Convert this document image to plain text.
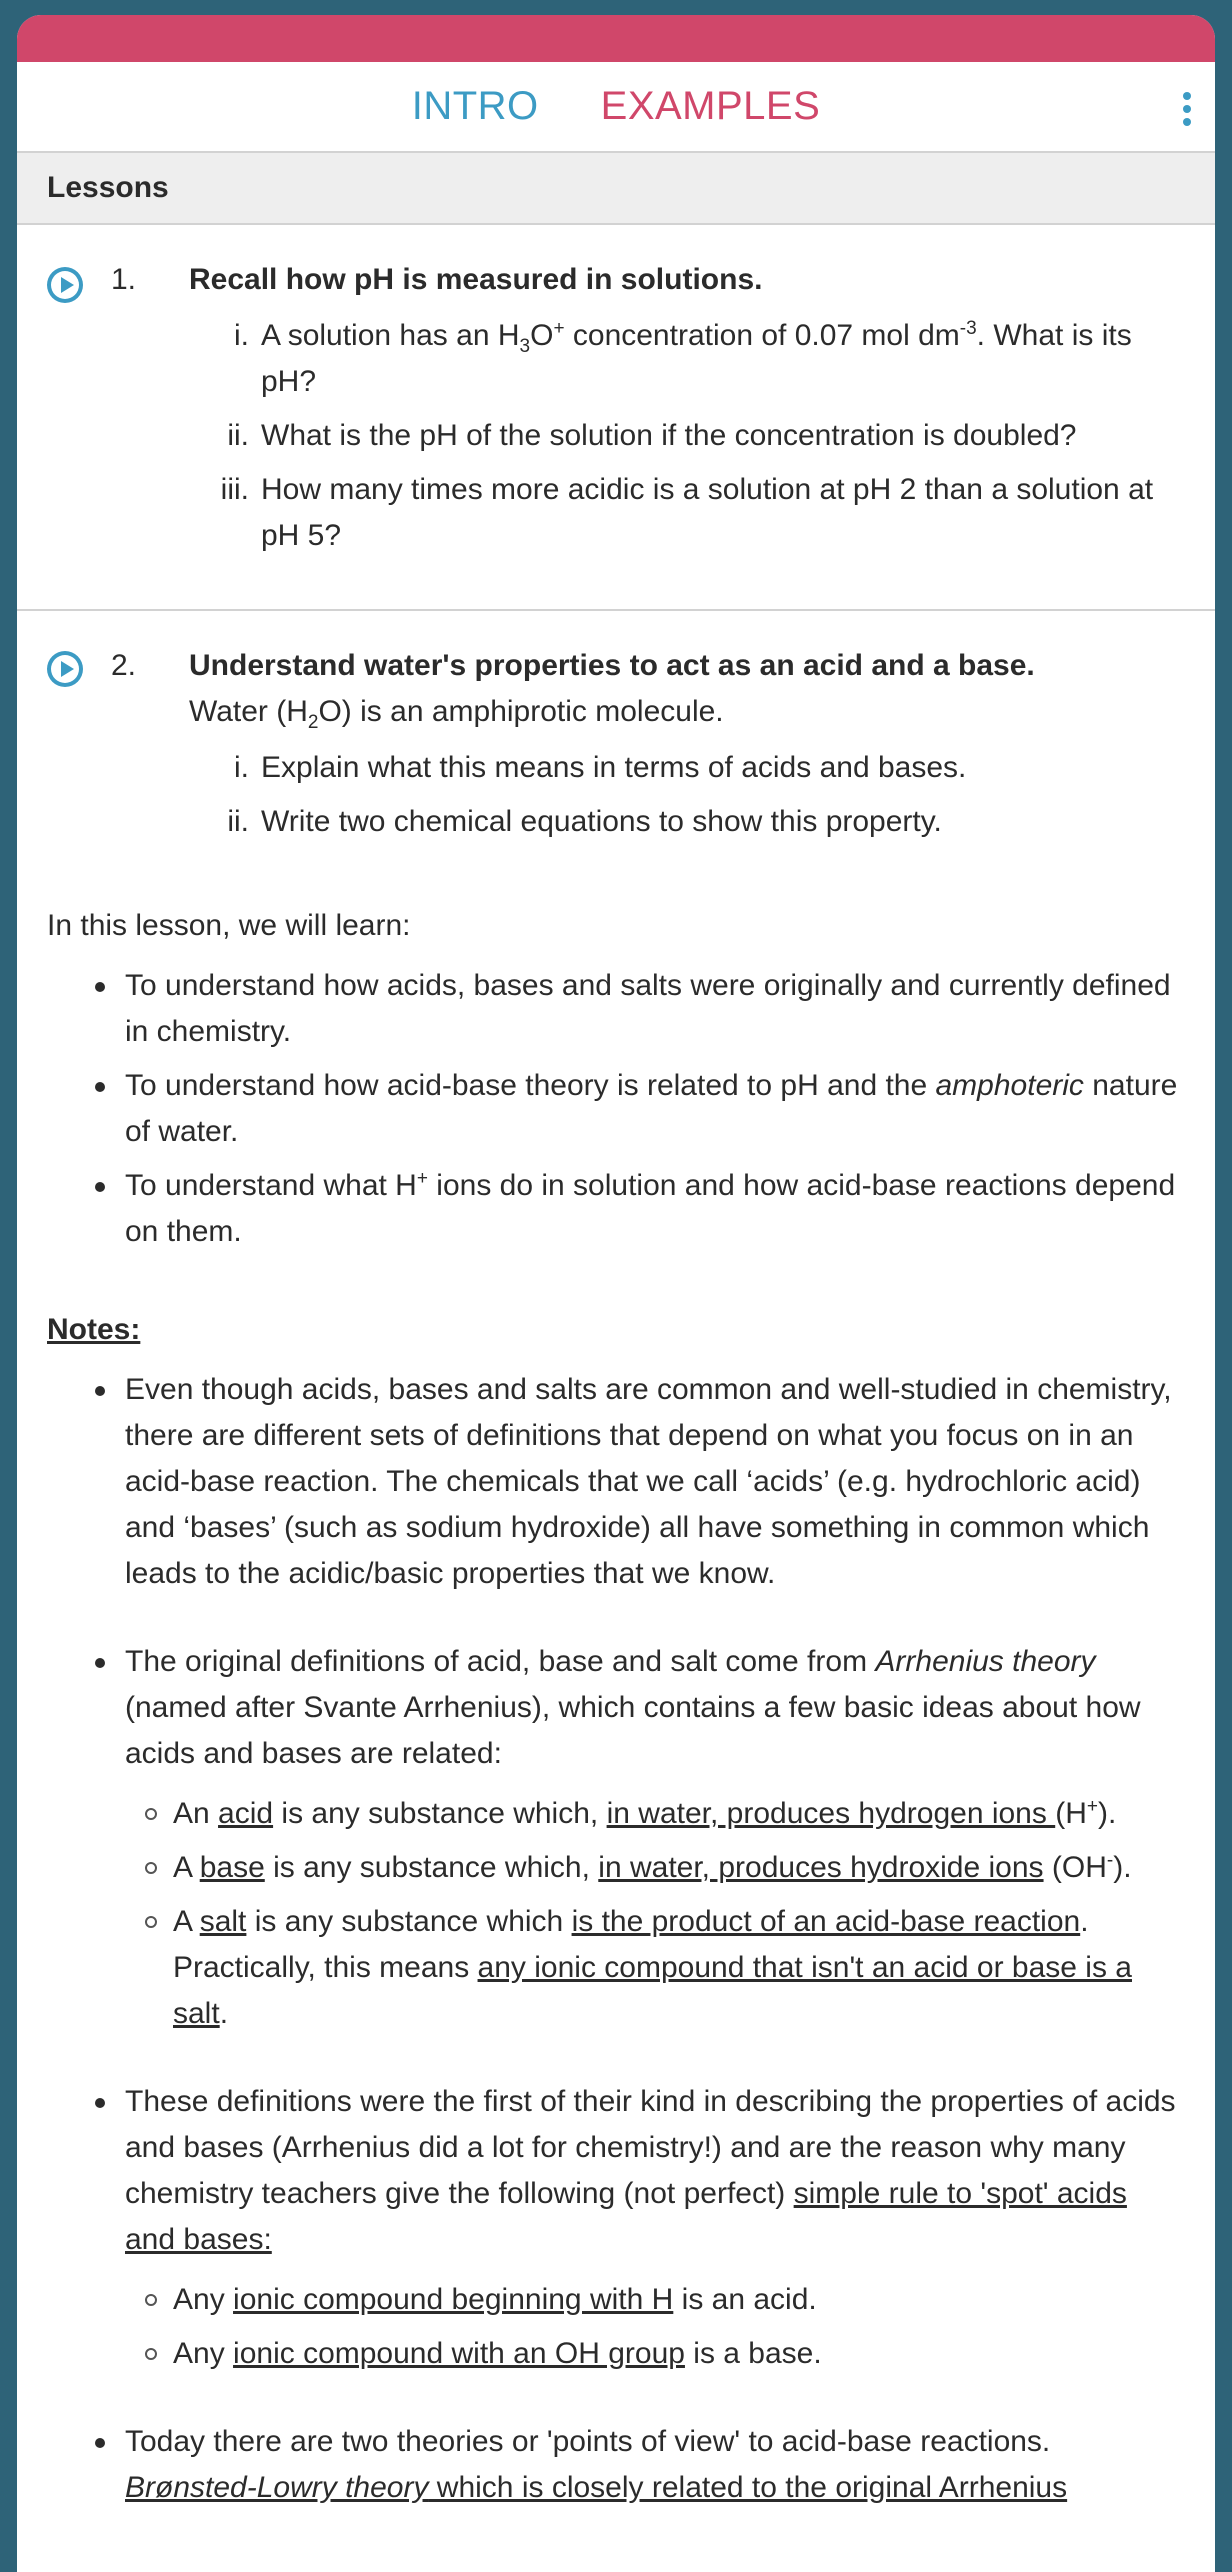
INTRO EXAMPLES
Lessons
1. Recall how pH is measured in solutions.
i. A solution has an $H_3O^+$ concentration of 0.07 mol $dm^{-3}$. What is its pH?
ii. What is the pH of the solution if the concentration is doubled?
iii. How many times more acidic is a solution at pH 2 than a solution at pH 5?
2. Understand water's properties to act as an acid and a base.
Water $(H_2O)$ is an amphiprotic molecule.
i. Explain what this means in terms of acids and bases.
ii. Write two chemical equations to show this property.
In this lesson, we will learn:
To understand how acids, bases and salts were originally and currently defined in chemistry.
To understand how acid-base theory is related to pH and the amphoteric nature of water.
To understand what H+ ions do in solution and how acid-base reactions depend on them.
Notes:
Even though acids, bases and salts are common and well-studied in chemistry, there are different sets of definitions that depend on what you focus on in an acid-base reaction. The chemicals that we call ‘acids’ (e.g. hydrochloric acid) and ‘bases’ (such as sodium hydroxide) all have something in common which leads to the acidic/basic properties that we know.
The original definitions of acid, base and salt come from Arrhenius theory (named after Svante Arrhenius), which contains a few basic ideas about how acids and bases are related:
An acid is any substance which, in water, produces hydrogen ions (H+).
A base is any substance which, in water, produces hydroxide ions (OH-).
A salt is any substance which is the product of an acid-base reaction. Practically, this means any ionic compound that isn't an acid or base is a salt.
These definitions were the first of their kind in describing the properties of acids and bases (Arrhenius did a lot for chemistry!) and are the reason why many chemistry teachers give the following (not perfect) simple rule to 'spot' acids and bases:
Any ionic compound beginning with H is an acid.
Any ionic compound with an OH group is a base.
Today there are two theories or 'points of view' to acid-base reactions. Brønsted-Lowry theory which is closely related to the original Arrhenius
